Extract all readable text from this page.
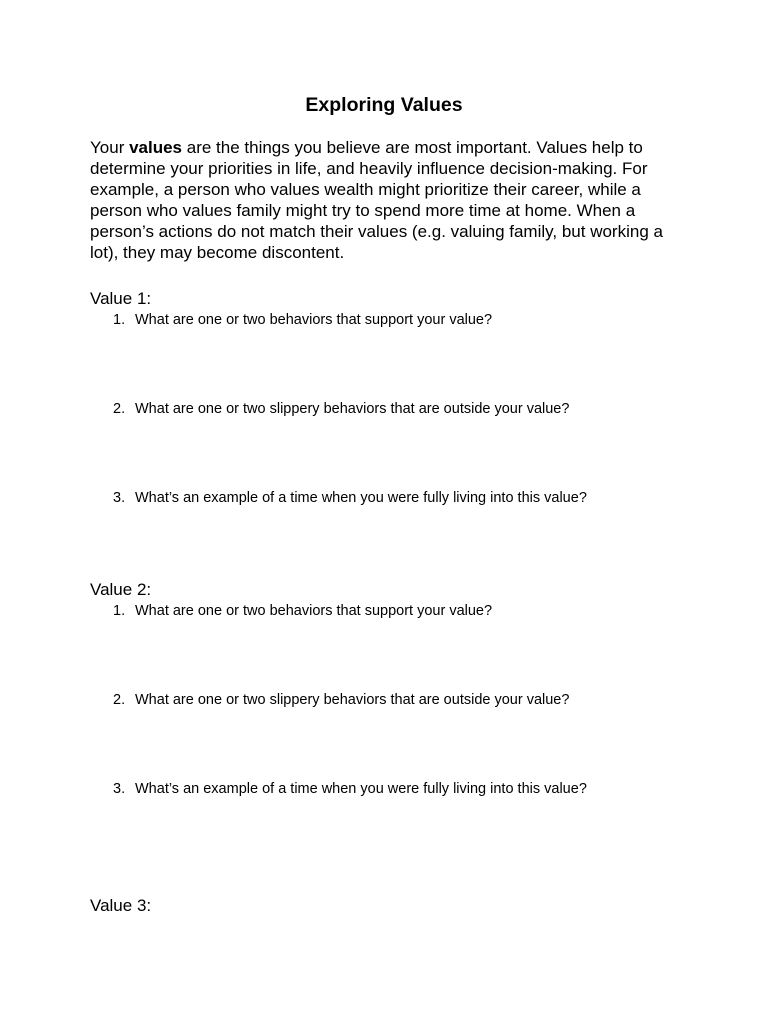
Exploring Values
Your values are the things you believe are most important. Values help to determine your priorities in life, and heavily influence decision-making. For example, a person who values wealth might prioritize their career, while a person who values family might try to spend more time at home. When a person’s actions do not match their values (e.g. valuing family, but working a lot), they may become discontent.
Value 1:
1. What are one or two behaviors that support your value?
2. What are one or two slippery behaviors that are outside your value?
3. What’s an example of a time when you were fully living into this value?
Value 2:
1. What are one or two behaviors that support your value?
2. What are one or two slippery behaviors that are outside your value?
3. What’s an example of a time when you were fully living into this value?
Value 3:
